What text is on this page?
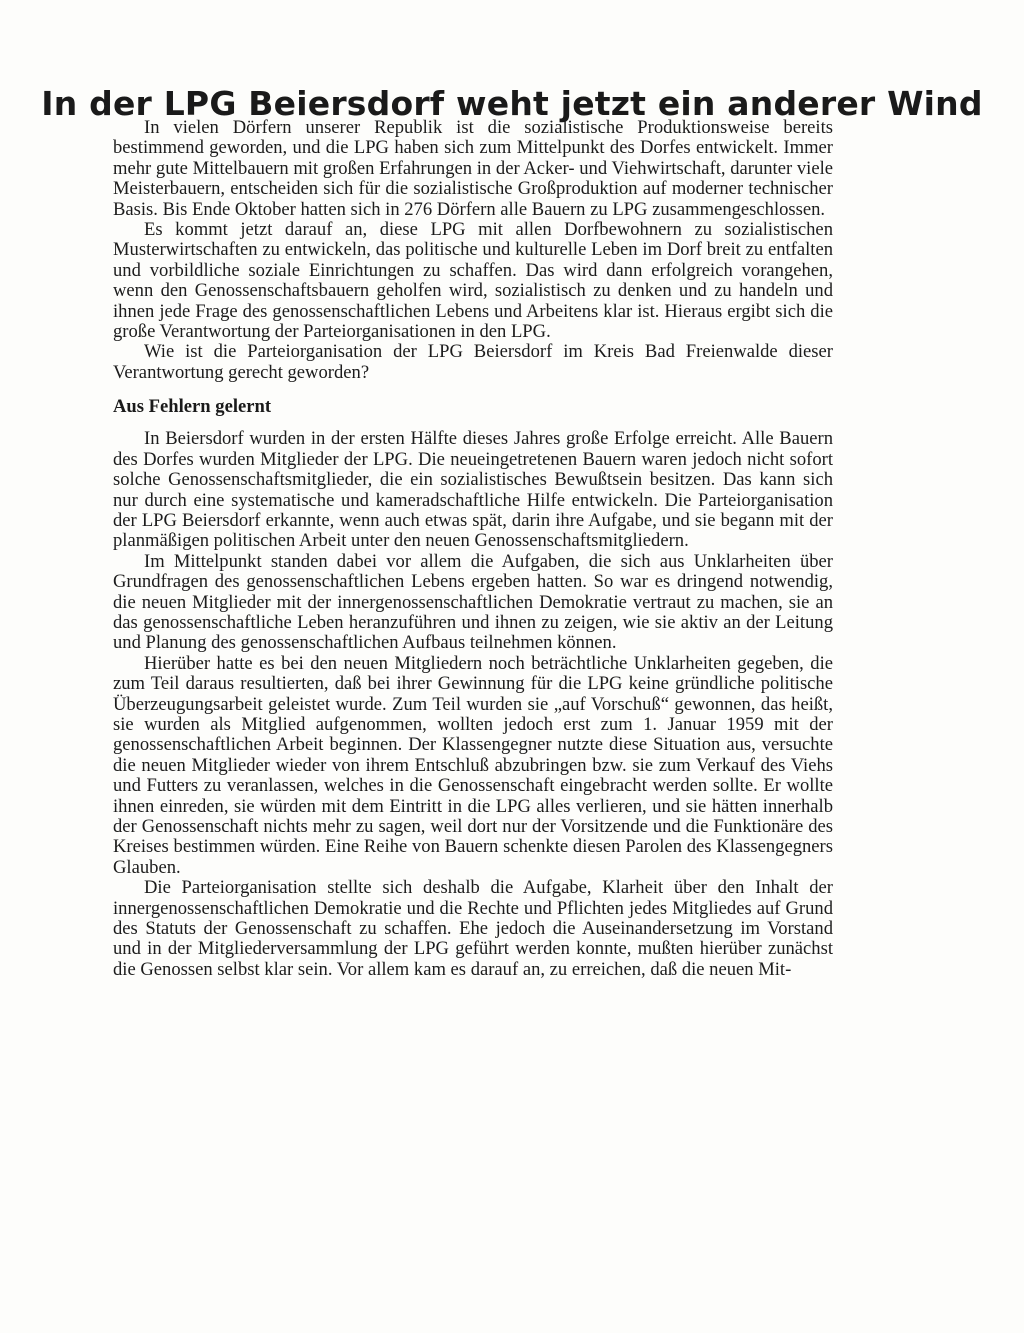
In der LPG Beiersdorf weht jetzt ein anderer Wind

In vielen Dörfern unserer Republik ist die sozialistische Produktionsweise bereits bestimmend geworden, und die LPG haben sich zum Mittelpunkt des Dorfes entwickelt. Immer mehr gute Mittelbauern mit großen Erfahrungen in der Acker- und Viehwirtschaft, darunter viele Meisterbauern, entscheiden sich für die sozialistische Großproduktion auf moderner technischer Basis. Bis Ende Oktober hatten sich in 276 Dörfern alle Bauern zu LPG zusammengeschlossen.

Es kommt jetzt darauf an, diese LPG mit allen Dorfbewohnern zu sozialistischen Musterwirtschaften zu entwickeln, das politische und kulturelle Leben im Dorf breit zu entfalten und vorbildliche soziale Einrichtungen zu schaffen. Das wird dann erfolgreich vorangehen, wenn den Genossenschaftsbauern geholfen wird, sozialistisch zu denken und zu handeln und ihnen jede Frage des genossenschaftlichen Lebens und Arbeitens klar ist. Hieraus ergibt sich die große Verantwortung der Parteiorganisationen in den LPG.

Wie ist die Parteiorganisation der LPG Beiersdorf im Kreis Bad Freienwalde dieser Verantwortung gerecht geworden?

Aus Fehlern gelernt

In Beiersdorf wurden in der ersten Hälfte dieses Jahres große Erfolge erreicht. Alle Bauern des Dorfes wurden Mitglieder der LPG. Die neueingetretenen Bauern waren jedoch nicht sofort solche Genossenschaftsmitglieder, die ein sozialistisches Bewußtsein besitzen. Das kann sich nur durch eine systematische und kameradschaftliche Hilfe entwickeln. Die Parteiorganisation der LPG Beiersdorf erkannte, wenn auch etwas spät, darin ihre Aufgabe, und sie begann mit der planmäßigen politischen Arbeit unter den neuen Genossenschaftsmitgliedern.

Im Mittelpunkt standen dabei vor allem die Aufgaben, die sich aus Unklarheiten über Grundfragen des genossenschaftlichen Lebens ergeben hatten. So war es dringend notwendig, die neuen Mitglieder mit der innergenossenschaftlichen Demokratie vertraut zu machen, sie an das genossenschaftliche Leben heranzuführen und ihnen zu zeigen, wie sie aktiv an der Leitung und Planung des genossenschaftlichen Aufbaus teilnehmen können.

Hierüber hatte es bei den neuen Mitgliedern noch beträchtliche Unklarheiten gegeben, die zum Teil daraus resultierten, daß bei ihrer Gewinnung für die LPG keine gründliche politische Überzeugungsarbeit geleistet wurde. Zum Teil wurden sie „auf Vorschuß“ gewonnen, das heißt, sie wurden als Mitglied aufgenommen, wollten jedoch erst zum 1. Januar 1959 mit der genossenschaftlichen Arbeit beginnen. Der Klassengegner nutzte diese Situation aus, versuchte die neuen Mitglieder wieder von ihrem Entschluß abzubringen bzw. sie zum Verkauf des Viehs und Futters zu veranlassen, welches in die Genossenschaft eingebracht werden sollte. Er wollte ihnen einreden, sie würden mit dem Eintritt in die LPG alles verlieren, und sie hätten innerhalb der Genossenschaft nichts mehr zu sagen, weil dort nur der Vorsitzende und die Funktionäre des Kreises bestimmen würden. Eine Reihe von Bauern schenkte diesen Parolen des Klassengegners Glauben.

Die Parteiorganisation stellte sich deshalb die Aufgabe, Klarheit über den Inhalt der innergenossenschaftlichen Demokratie und die Rechte und Pflichten jedes Mitgliedes auf Grund des Statuts der Genossenschaft zu schaffen. Ehe jedoch die Auseinandersetzung im Vorstand und in der Mitgliederversammlung der LPG geführt werden konnte, mußten hierüber zunächst die Genossen selbst klar sein. Vor allem kam es darauf an, zu erreichen, daß die neuen Mit-
